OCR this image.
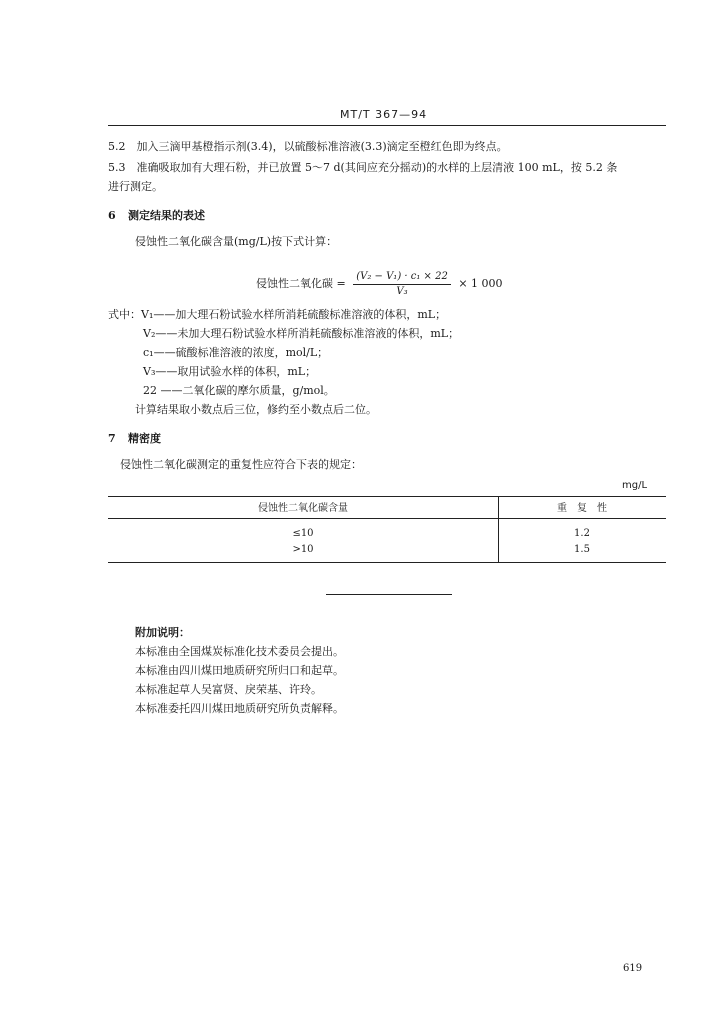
MT/T 367—94
5.2　加入三滴甲基橙指示剂(3.4)，以硫酸标准溶液(3.3)滴定至橙红色即为终点。
5.3　准确吸取加有大理石粉，并已放置 5～7 d(其间应充分摇动)的水样的上层清液 100 mL，按 5.2 条
进行测定。
6 测定结果的表述
侵蚀性二氧化碳含量(mg/L)按下式计算：
侵蚀性二氧化碳 = $\frac{\text{(V₂ − V₁) · c₁ × 22}}{\text{V₃}} \times 1$ 000
式中：V₁——加大理石粉试验水样所消耗硫酸标准溶液的体积，mL；
V₂——未加大理石粉试验水样所消耗硫酸标准溶液的体积，mL；
c₁——硫酸标准溶液的浓度，mol/L；
V₃——取用试验水样的体积，mL；
22 ——二氧化碳的摩尔质量，g/mol。
计算结果取小数点后三位，修约至小数点后二位。
7 精密度
侵蚀性二氧化碳测定的重复性应符合下表的规定：
mg/L
侵蚀性二氧化碳含量	重　复　性
≤10	1.2
>10	1.5
附加说明：
本标准由全国煤炭标准化技术委员会提出。
本标准由四川煤田地质研究所归口和起草。
本标准起草人吴富贤、戾荣基、许玲。
本标准委托四川煤田地质研究所负责解释。
619
